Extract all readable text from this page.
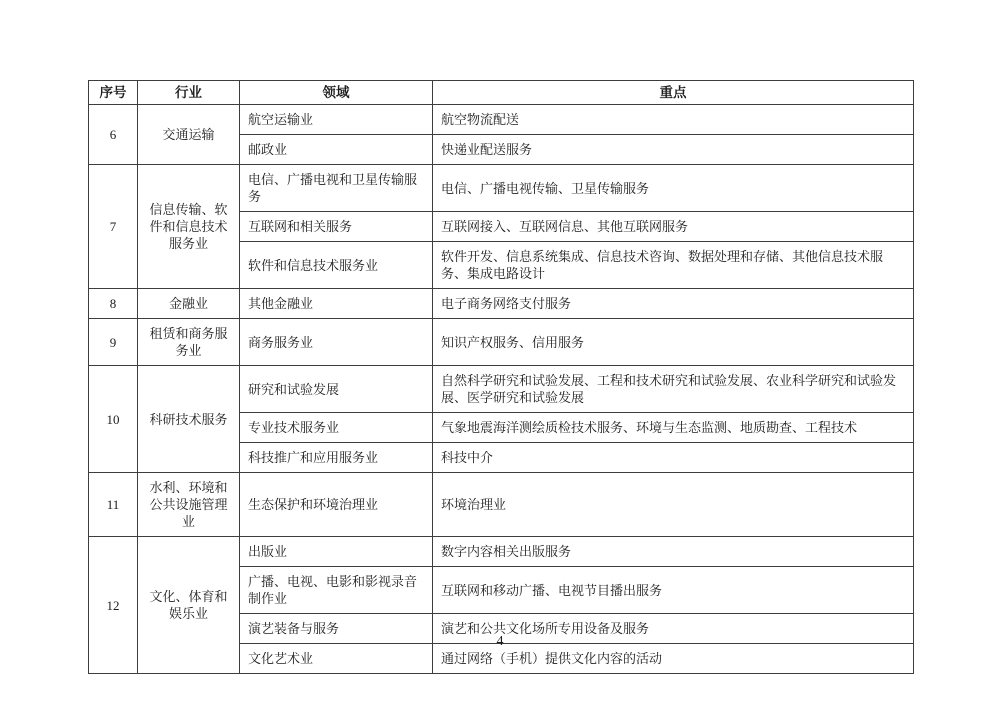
序号	行业	领域	重点
6	交通运输	航空运输业	航空物流配送
		邮政业	快递业配送服务
7	信息传输、软件和信息技术服务业	电信、广播电视和卫星传输服务	电信、广播电视传输、卫星传输服务
		互联网和相关服务	互联网接入、互联网信息、其他互联网服务
		软件和信息技术服务业	软件开发、信息系统集成、信息技术咨询、数据处理和存储、其他信息技术服务、集成电路设计
8	金融业	其他金融业	电子商务网络支付服务
9	租赁和商务服务业	商务服务业	知识产权服务、信用服务
10	科研技术服务	研究和试验发展	自然科学研究和试验发展、工程和技术研究和试验发展、农业科学研究和试验发展、医学研究和试验发展
		专业技术服务业	气象地震海洋测绘质检技术服务、环境与生态监测、地质勘查、工程技术
		科技推广和应用服务业	科技中介
11	水利、环境和公共设施管理业	生态保护和环境治理业	环境治理业
12	文化、体育和娱乐业	出版业	数字内容相关出版服务
		广播、电视、电影和影视录音制作业	互联网和移动广播、电视节目播出服务
		演艺装备与服务	演艺和公共文化场所专用设备及服务
		文化艺术业	通过网络（手机）提供文化内容的活动
4
